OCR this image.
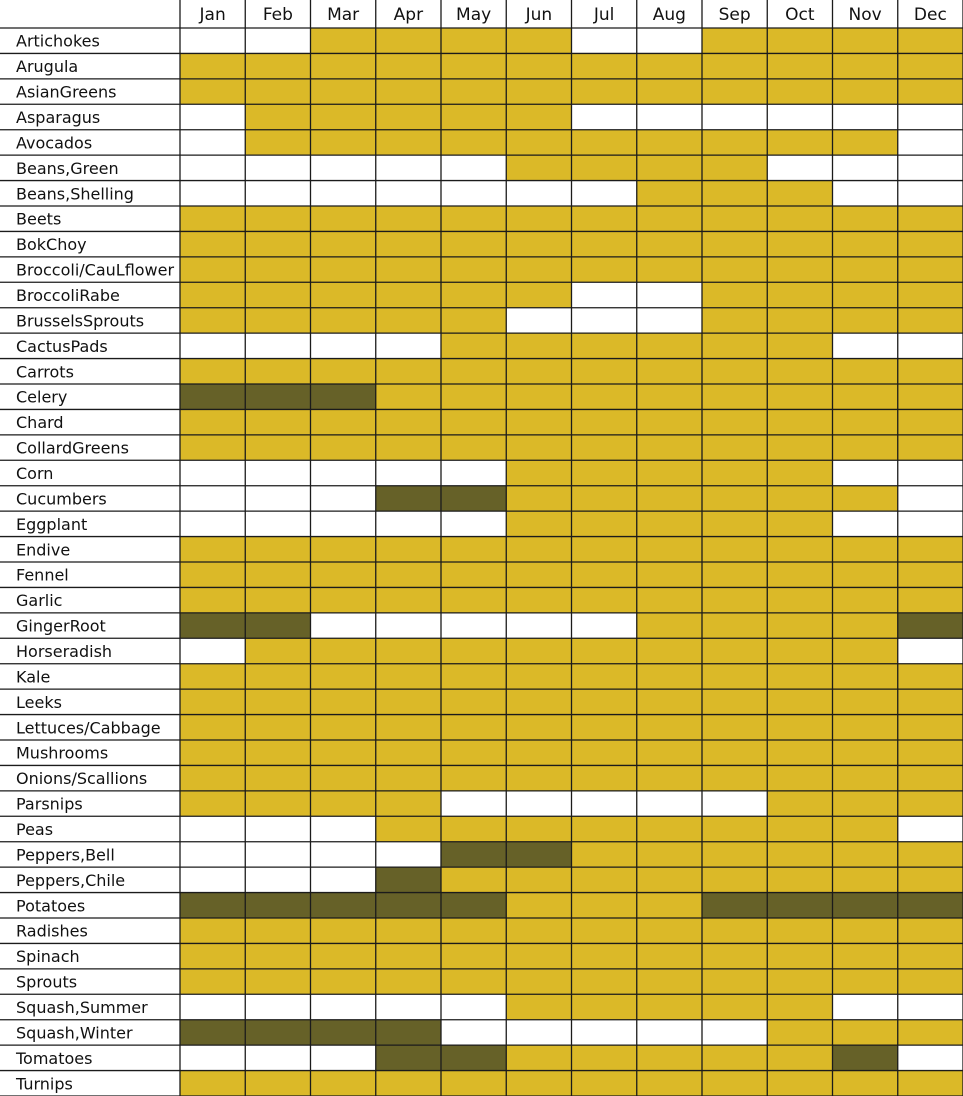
Jan Feb Mar Apr May Jun Jul Aug Sep Oct Nov Dec
Artichokes
Arugula
AsianGreens
Asparagus
Avocados
Beans,Green
Beans,Shelling
Beets
BokChoy
Broccoli/CauLflower
BroccoliRabe
BrusselsSprouts
CactusPads
Carrots
Celery
Chard
CollardGreens
Corn
Cucumbers
Eggplant
Endive
Fennel
Garlic
GingerRoot
Horseradish
Kale
Leeks
Lettuces/Cabbage
Mushrooms
Onions/Scallions
Parsnips
Peas
Peppers,Bell
Peppers,Chile
Potatoes
Radishes
Spinach
Sprouts
Squash,Summer
Squash,Winter
Tomatoes
Turnips
